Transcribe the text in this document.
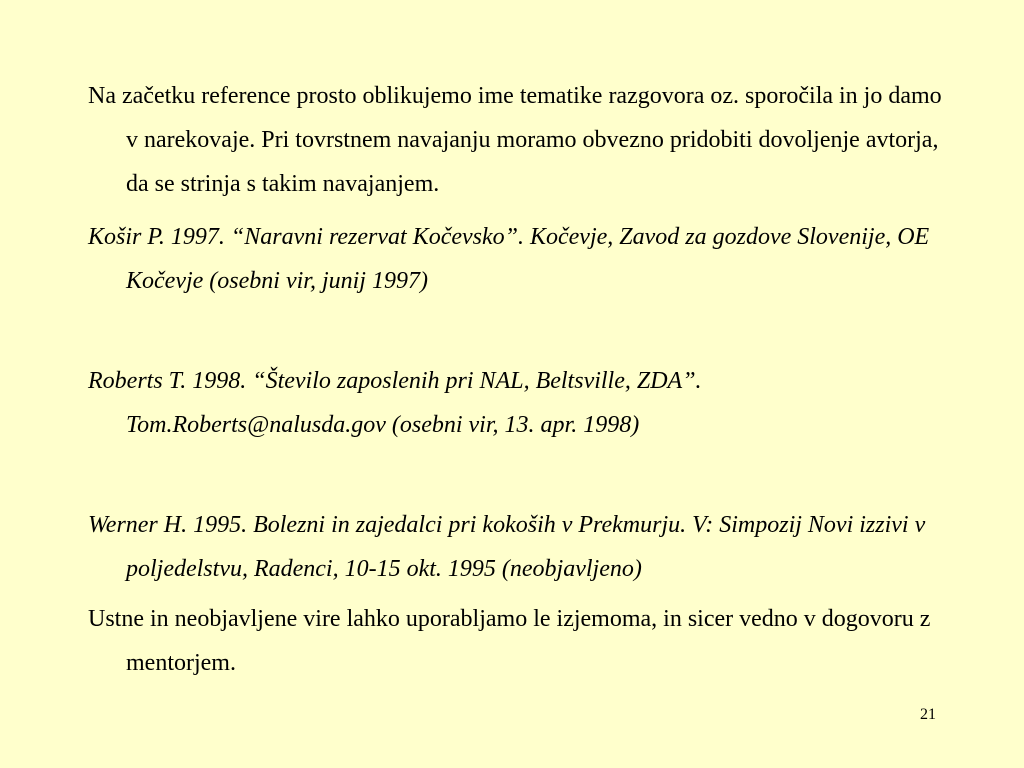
Na začetku reference prosto oblikujemo ime tematike razgovora oz. sporočila in jo damo v narekovaje. Pri tovrstnem navajanju moramo obvezno pridobiti dovoljenje avtorja, da se strinja s takim navajanjem.

Košir P. 1997. “Naravni rezervat Kočevsko”. Kočevje, Zavod za gozdove Slovenije, OE Kočevje (osebni vir, junij 1997)

Roberts T. 1998. “Število zaposlenih pri NAL, Beltsville, ZDA”. Tom.Roberts@nalusda.gov (osebni vir, 13. apr. 1998)

Werner H. 1995. Bolezni in zajedalci pri kokoših v Prekmurju. V: Simpozij Novi izzivi v poljedelstvu, Radenci, 10-15 okt. 1995 (neobjavljeno)

Ustne in neobjavljene vire lahko uporabljamo le izjemoma, in sicer vedno v dogovoru z mentorjem.

21
